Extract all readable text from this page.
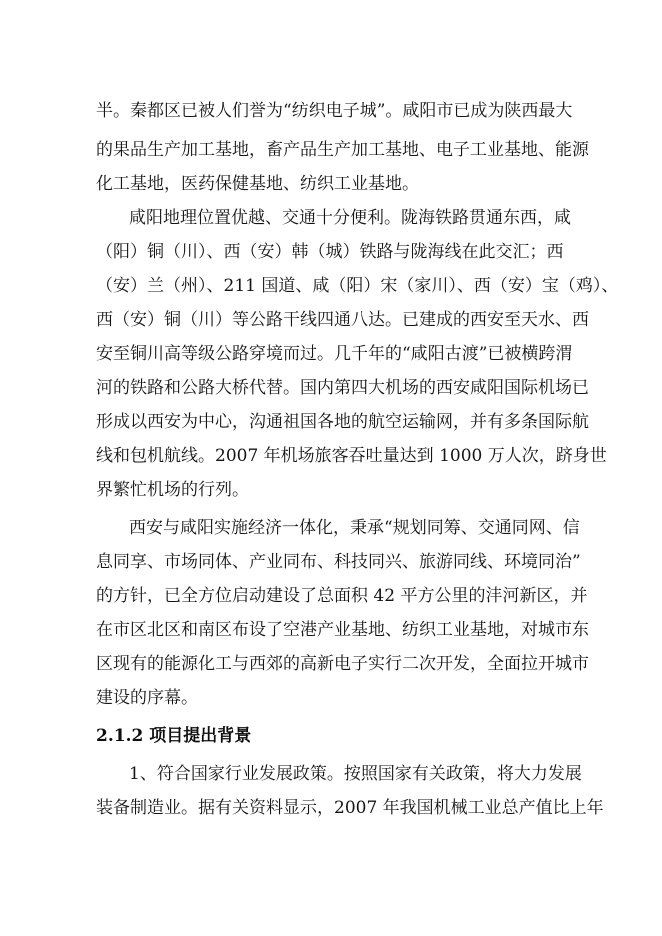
半。秦都区已被人们誉为“纺织电子城”。咸阳市已成为陕西最大
的果品生产加工基地，畜产品生产加工基地、电子工业基地、能源
化工基地，医药保健基地、纺织工业基地。
咸阳地理位置优越、交通十分便利。陇海铁路贯通东西，咸
（阳）铜（川）、西（安）韩（城）铁路与陇海线在此交汇；西
（安）兰（州）、211 国道、咸（阳）宋（家川）、西（安）宝（鸡）、
西（安）铜（川）等公路干线四通八达。已建成的西安至天水、西
安至铜川高等级公路穿境而过。几千年的“咸阳古渡”已被横跨渭
河的铁路和公路大桥代替。国内第四大机场的西安咸阳国际机场已
形成以西安为中心，沟通祖国各地的航空运输网，并有多条国际航
线和包机航线。2007 年机场旅客吞吐量达到 1000 万人次，跻身世
界繁忙机场的行列。
西安与咸阳实施经济一体化，秉承“规划同筹、交通同网、信
息同享、市场同体、产业同布、科技同兴、旅游同线、环境同治”
的方针，已全方位启动建设了总面积 42 平方公里的沣河新区，并
在市区北区和南区布设了空港产业基地、纺织工业基地，对城市东
区现有的能源化工与西郊的高新电子实行二次开发，全面拉开城市
建设的序幕。
2.1.2 项目提出背景
1、符合国家行业发展政策。按照国家有关政策，将大力发展
装备制造业。据有关资料显示，2007 年我国机械工业总产值比上年
